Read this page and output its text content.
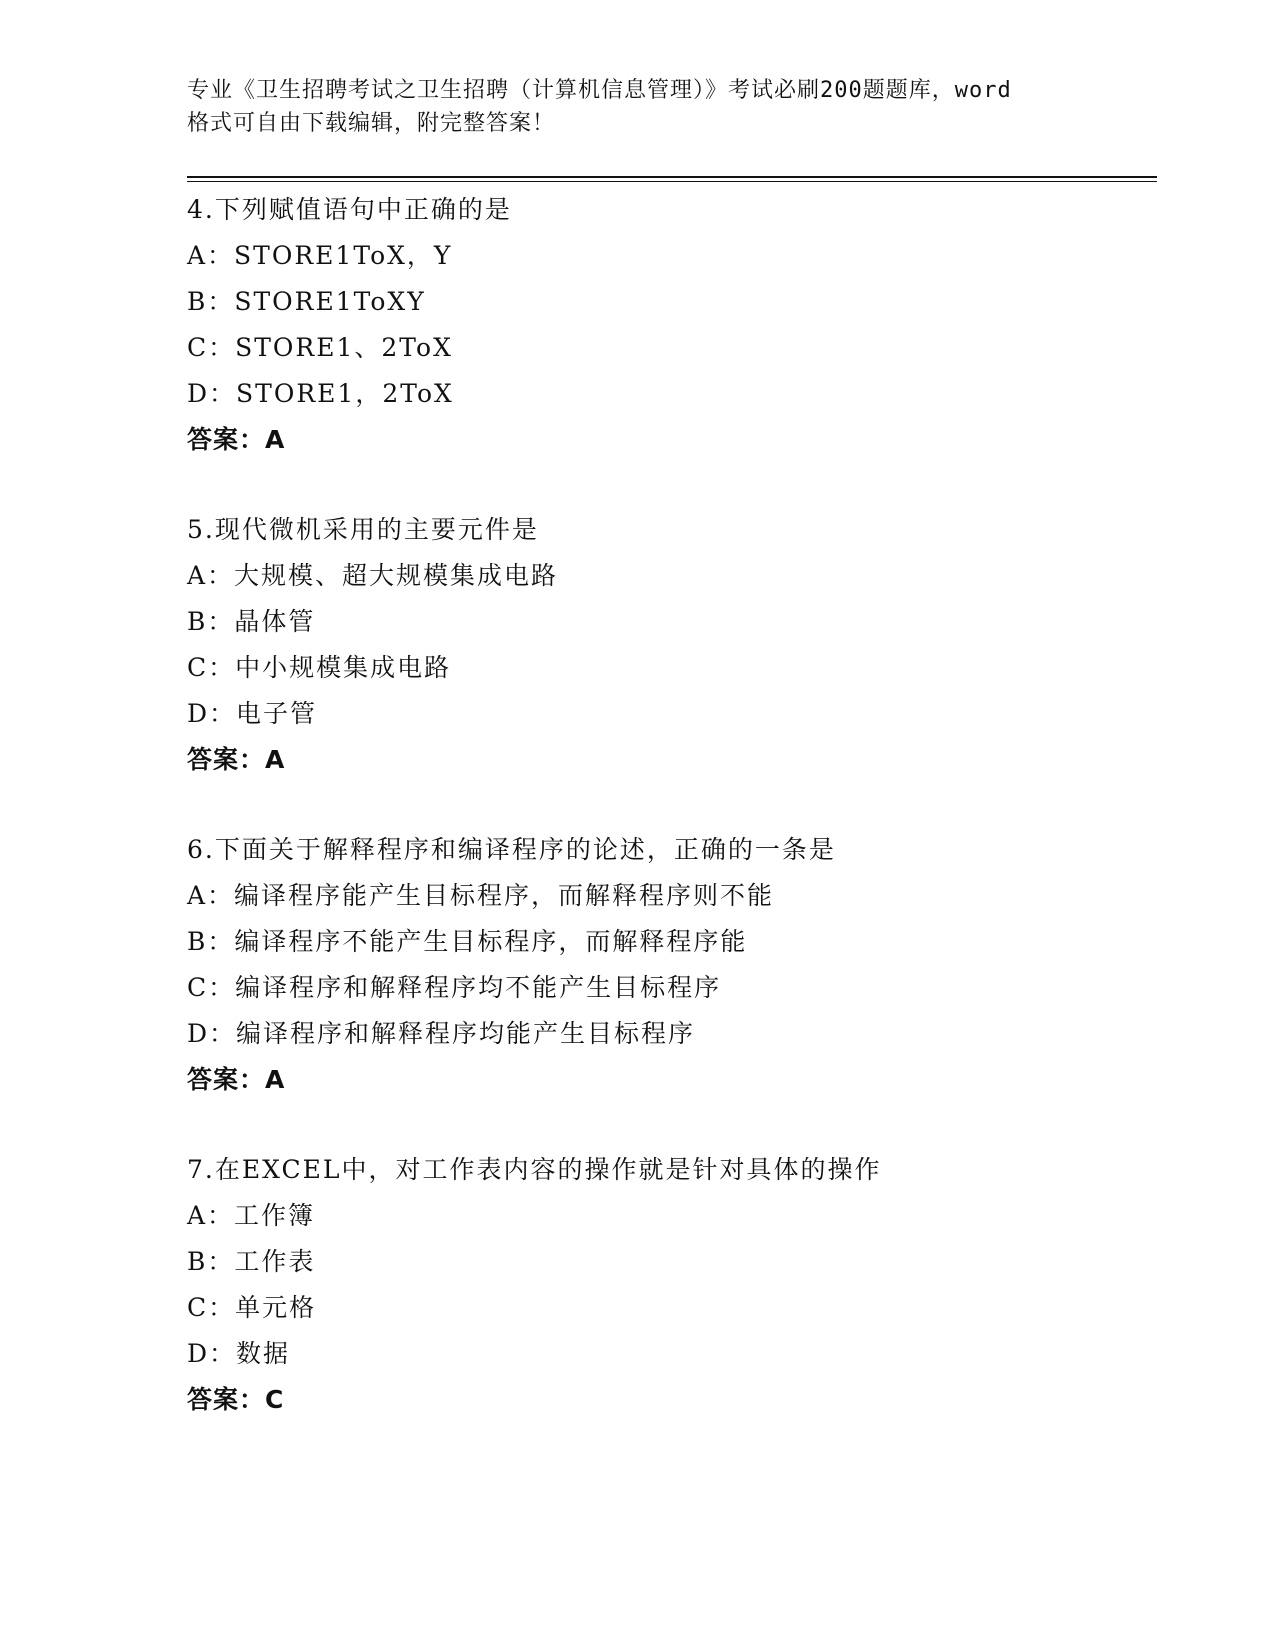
专业《卫生招聘考试之卫生招聘（计算机信息管理）》考试必刷200题题库，word
格式可自由下载编辑，附完整答案！
4.下列赋值语句中正确的是
A：STORE1ToX，Y
B：STORE1ToXY
C：STORE1、2ToX
D：STORE1，2ToX
答案：A
5.现代微机采用的主要元件是
A：大规模、超大规模集成电路
B：晶体管
C：中小规模集成电路
D：电子管
答案：A
6.下面关于解释程序和编译程序的论述，正确的一条是
A：编译程序能产生目标程序，而解释程序则不能
B：编译程序不能产生目标程序，而解释程序能
C：编译程序和解释程序均不能产生目标程序
D：编译程序和解释程序均能产生目标程序
答案：A
7.在EXCEL中，对工作表内容的操作就是针对具体的操作
A：工作簿
B：工作表
C：单元格
D：数据
答案：C
